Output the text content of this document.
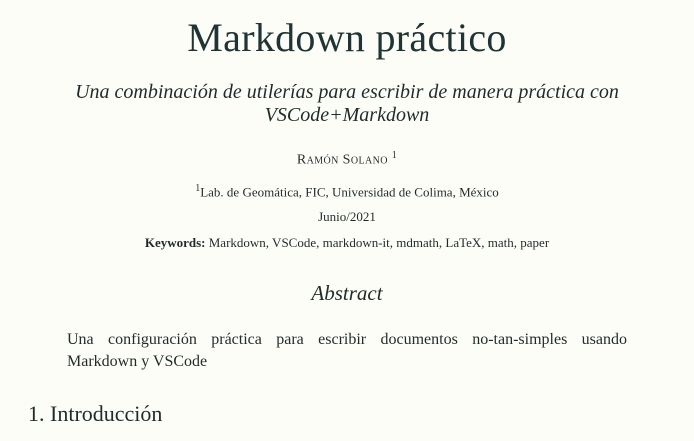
Markdown práctico
Una combinación de utilerías para escribir de manera práctica con VSCode+Markdown
Ramón Solano $^1$
$^1$Lab. de Geomática, FIC, Universidad de Colima, México
Junio/2021
Keywords: Markdown, VSCode, markdown-it, mdmath, LaTeX, math, paper
Abstract
Una configuración práctica para escribir documentos no-tan-simples usando Markdown y VSCode
1. Introducción
